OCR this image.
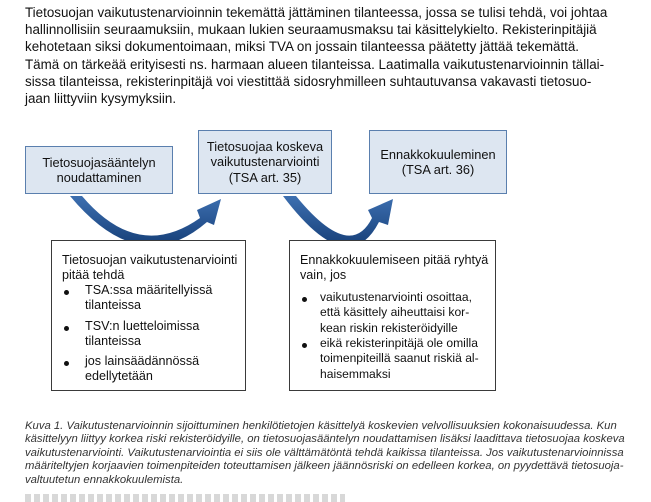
Tietosuojan vaikutustenarvioinnin tekemättä jättäminen tilanteessa, jossa se tulisi tehdä, voi johtaa
hallinnollisiin seuraamuksiin, mukaan lukien seuraamusmaksu tai käsittelykielto. Rekisterinpitäjiä
kehotetaan siksi dokumentoimaan, miksi TVA on jossain tilanteessa päätetty jättää tekemättä.
Tämä on tärkeää erityisesti ns. harmaan alueen tilanteissa. Laatimalla vaikutustenarvioinnin tällai-
sissa tilanteissa, rekisterinpitäjä voi viestittää sidosryhmilleen suhtautuvansa vakavasti tietosuo-
jaan liittyviin kysymyksiin.
Tietosuojasääntelyn
noudattaminen
Tietosuojaa koskeva
vaikutustenarviointi
(TSA art. 35)
Ennakkokuuleminen
(TSA art. 36)
Tietosuojan vaikutustenarviointi
pitää tehdä
TSA:ssa määritellyissä
tilanteissa
TSV:n luetteloimissa
tilanteissa
jos lainsäädännössä
edellytetään
Ennakkokuulemiseen pitää ryhtyä
vain, jos
vaikutustenarviointi osoittaa,
että käsittely aiheuttaisi kor-
kean riskin rekisteröidyille
eikä rekisterinpitäjä ole omilla
toimenpiteillä saanut riskiä al-
haisemmaksi
Kuva 1. Vaikutustenarvioinnin sijoittuminen henkilötietojen käsittelyä koskevien velvollisuuksien kokonaisuudessa. Kun
käsittelyyn liittyy korkea riski rekisteröidyille, on tietosuojasääntelyn noudattamisen lisäksi laadittava tietosuojaa koskeva
vaikutustenarviointi. Vaikutustenarviointia ei siis ole välttämätöntä tehdä kaikissa tilanteissa. Jos vaikutustenarvioinnissa
määriteltyjen korjaavien toimenpiteiden toteuttamisen jälkeen jäännösriski on edelleen korkea, on pyydettävä tietosuoja-
valtuutetun ennakkokuulemista.
